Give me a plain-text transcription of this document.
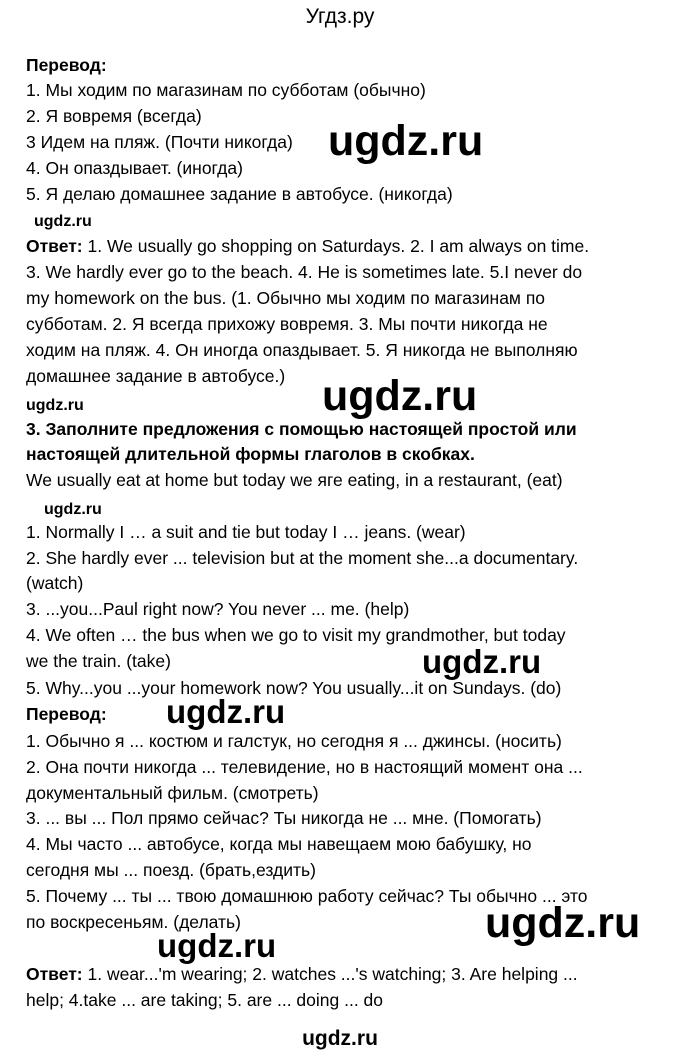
Угдз.ру
Перевод:
1. Мы ходим по магазинам по субботам (обычно)
2. Я вовремя (всегда)
3 Идем на пляж. (Почти никогда)
4. Он опаздывает. (иногда)
5. Я делаю домашнее задание в автобусе. (никогда)
Ответ: 1. We usually go shopping on Saturdays. 2. I am always on time.
3. We hardly ever go to the beach. 4. He is sometimes late. 5.I never do
my homework on the bus. (1. Обычно мы ходим по магазинам по
субботам. 2. Я всегда прихожу вовремя. 3. Мы почти никогда не
ходим на пляж. 4. Он иногда опаздывает. 5. Я никогда не выполняю
домашнее задание в автобусе.)
3. Заполните предложения с помощью настоящей простой или
настоящей длительной формы глаголов в скобках.
We usually eat at home but today we яге eating, in a restaurant, (eat)
1. Normally I … a suit and tie but today I … jeans. (wear)
2. She hardly ever ... television but at the moment she...a documentary.
(watch)
3. ...you...Paul right now? You never ... me. (help)
4. We often … the bus when we go to visit my grandmother, but today
we the train. (take)
5. Why...you ...your homework now? You usually...it on Sundays. (do)
Перевод:
1. Обычно я ... костюм и галстук, но сегодня я ... джинсы. (носить)
2. Она почти никогда ... телевидение, но в настоящий момент она ...
документальный фильм. (смотреть)
3. ... вы ... Пол прямо сейчас? Ты никогда не ... мне. (Помогать)
4. Мы часто ... автобусе, когда мы навещаем мою бабушку, но
сегодня мы ... поезд. (брать,ездить)
5. Почему ... ты ... твою домашнюю работу сейчас? Ты обычно ... это
по воскресеньям. (делать)
Ответ: 1. wear...'m wearing; 2. watches ...'s watching; 3. Are helping ...
help; 4.take ... are taking; 5. are ... doing ... do
ugdz.ru
ugdz.ru
ugdz.ru
ugdz.ru
ugdz.ru
ugdz.ru
ugdz.ru
ugdz.ru
ugdz.ru
ugdz.ru
